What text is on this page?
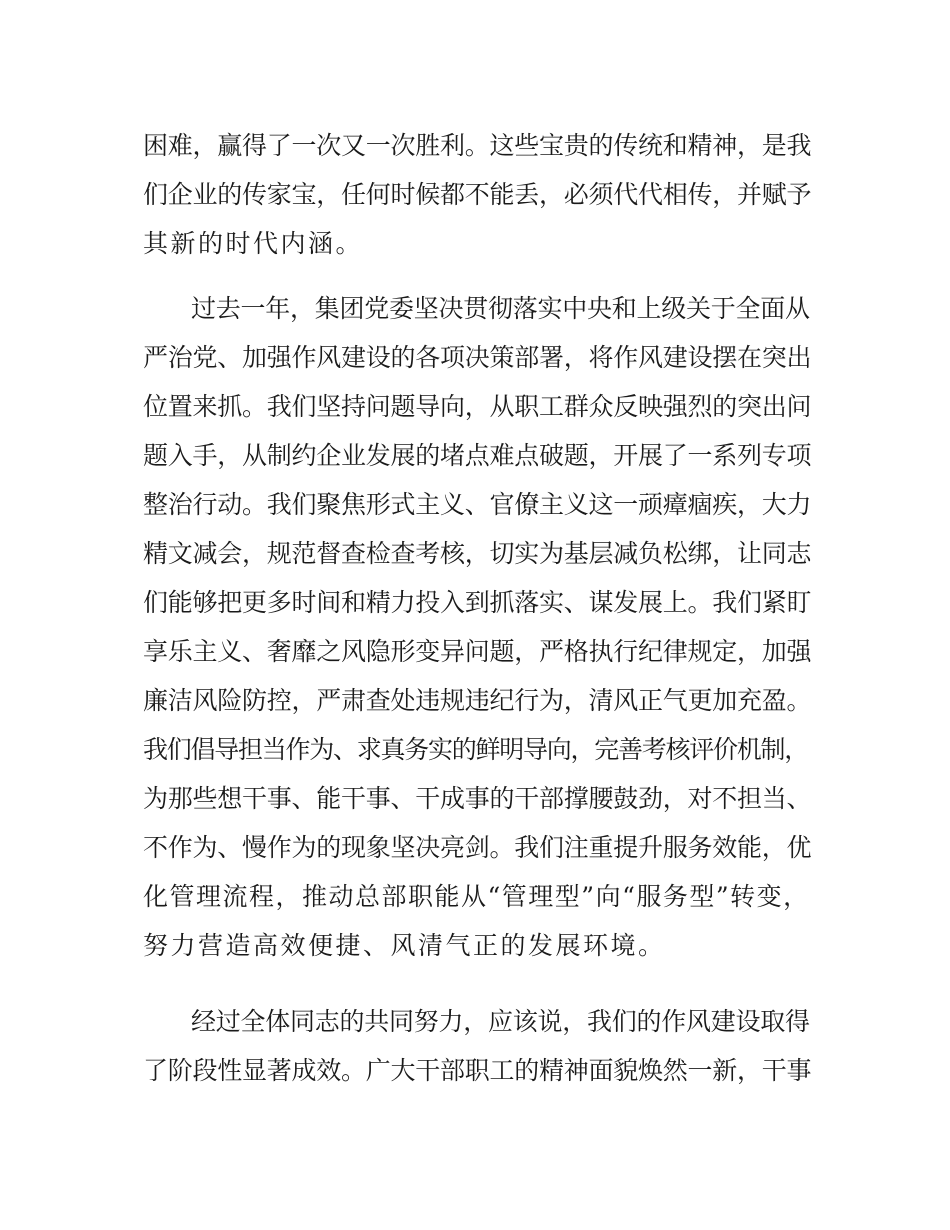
困难，赢得了一次又一次胜利。这些宝贵的传统和精神，是我
们企业的传家宝，任何时候都不能丢，必须代代相传，并赋予
其新的时代内涵。
过去一年，集团党委坚决贯彻落实中央和上级关于全面从
严治党、加强作风建设的各项决策部署，将作风建设摆在突出
位置来抓。我们坚持问题导向，从职工群众反映强烈的突出问
题入手，从制约企业发展的堵点难点破题，开展了一系列专项
整治行动。我们聚焦形式主义、官僚主义这一顽瘴痼疾，大力
精文减会，规范督查检查考核，切实为基层减负松绑，让同志
们能够把更多时间和精力投入到抓落实、谋发展上。我们紧盯
享乐主义、奢靡之风隐形变异问题，严格执行纪律规定，加强
廉洁风险防控，严肃查处违规违纪行为，清风正气更加充盈。
我们倡导担当作为、求真务实的鲜明导向，完善考核评价机制，
为那些想干事、能干事、干成事的干部撑腰鼓劲，对不担当、
不作为、慢作为的现象坚决亮剑。我们注重提升服务效能，优
化管理流程，推动总部职能从“管理型”向“服务型”转变，
努力营造高效便捷、风清气正的发展环境。
经过全体同志的共同努力，应该说，我们的作风建设取得
了阶段性显著成效。广大干部职工的精神面貌焕然一新，干事
